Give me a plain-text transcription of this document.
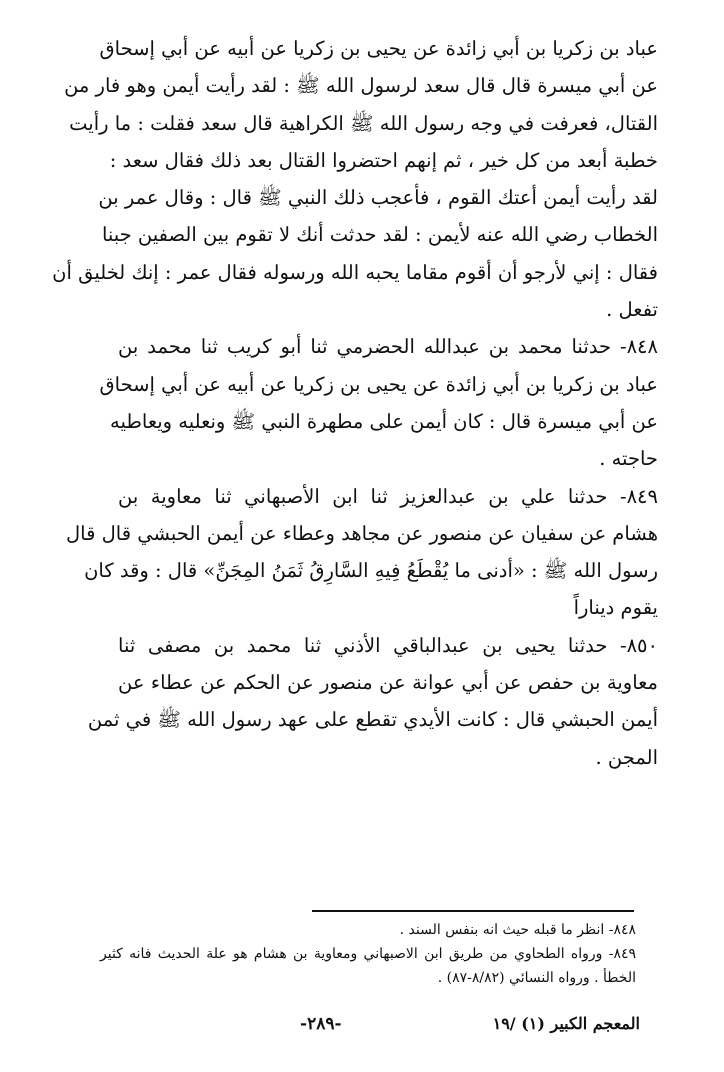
عباد بن زكريا بن أبي زائدة عن يحيى بن زكريا عن أبيه عن أبي إسحاق
عن أبي ميسرة قال قال سعد لرسول الله ﷺ : لقد رأيت أيمن وهو فار من
القتال، فعرفت في وجه رسول الله ﷺ الكراهية قال سعد فقلت : ما رأيت
خطبة أبعد من كل خير ، ثم إنهم احتضروا القتال بعد ذلك فقال سعد :
لقد رأيت أيمن أعتك القوم ، فأعجب ذلك النبي ﷺ قال : وقال عمر بن
الخطاب رضي الله عنه لأيمن : لقد حدثت أنك لا تقوم بين الصفين جبنا
فقال : إني لأرجو أن أقوم مقاما يحبه الله ورسوله فقال عمر : إنك لخليق أن
تفعل .
٨٤٨- حدثنا محمد بن عبدالله الحضرمي ثنا أبو كريب ثنا محمد بن
عباد بن زكريا بن أبي زائدة عن يحيى بن زكريا عن أبيه عن أبي إسحاق
عن أبي ميسرة قال : كان أيمن على مطهرة النبي ﷺ ونعليه ويعاطيه
حاجته .
٨٤٩- حدثنا علي بن عبدالعزيز ثنا ابن الأصبهاني ثنا معاوية بن
هشام عن سفيان عن منصور عن مجاهد وعطاء عن أيمن الحبشي قال قال
رسول الله ﷺ : «أدنى ما يُقْطَعُ فِيهِ السَّارِقُ ثَمَنُ المِجَنِّ» قال : وقد كان
يقوم ديناراً
٨٥٠- حدثنا يحيى بن عبدالباقي الأذني ثنا محمد بن مصفى ثنا
معاوية بن حفص عن أبي عوانة عن منصور عن الحكم عن عطاء عن
أيمن الحبشي قال : كانت الأيدي تقطع على عهد رسول الله ﷺ في ثمن
المجن .
٨٤٨- انظر ما قبله حيث انه بنفس السند .
٨٤٩- ورواه الطحاوي من طريق ابن الاصبهاني ومعاوية بن هشام هو علة الحديث فانه كثير
الخطأ . ورواه النسائي (٨/٨٢-٨٧) .
المعجم الكبير (١) /١٩
-٢٨٩-
